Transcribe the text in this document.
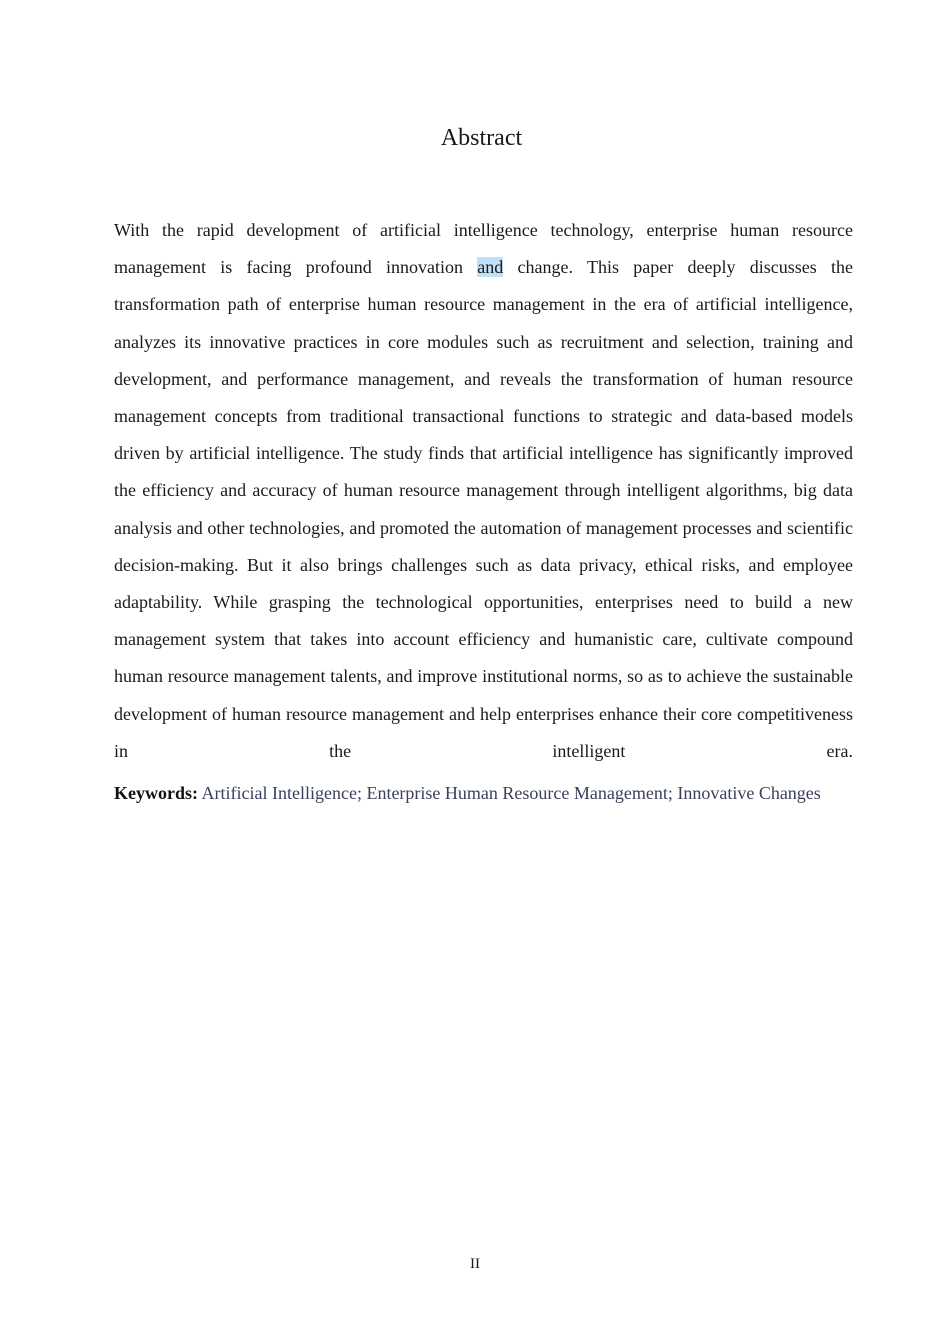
Abstract

With the rapid development of artificial intelligence technology, enterprise human resource management is facing profound innovation and change. This paper deeply discusses the transformation path of enterprise human resource management in the era of artificial intelligence, analyzes its innovative practices in core modules such as recruitment and selection, training and development, and performance management, and reveals the transformation of human resource management concepts from traditional transactional functions to strategic and data-based models driven by artificial intelligence. The study finds that artificial intelligence has significantly improved the efficiency and accuracy of human resource management through intelligent algorithms, big data analysis and other technologies, and promoted the automation of management processes and scientific decision-making. But it also brings challenges such as data privacy, ethical risks, and employee adaptability. While grasping the technological opportunities, enterprises need to build a new management system that takes into account efficiency and humanistic care, cultivate compound human resource management talents, and improve institutional norms, so as to achieve the sustainable development of human resource management and help enterprises enhance their core competitiveness in the intelligent era.

Keywords: Artificial Intelligence; Enterprise Human Resource Management; Innovative Changes

II
